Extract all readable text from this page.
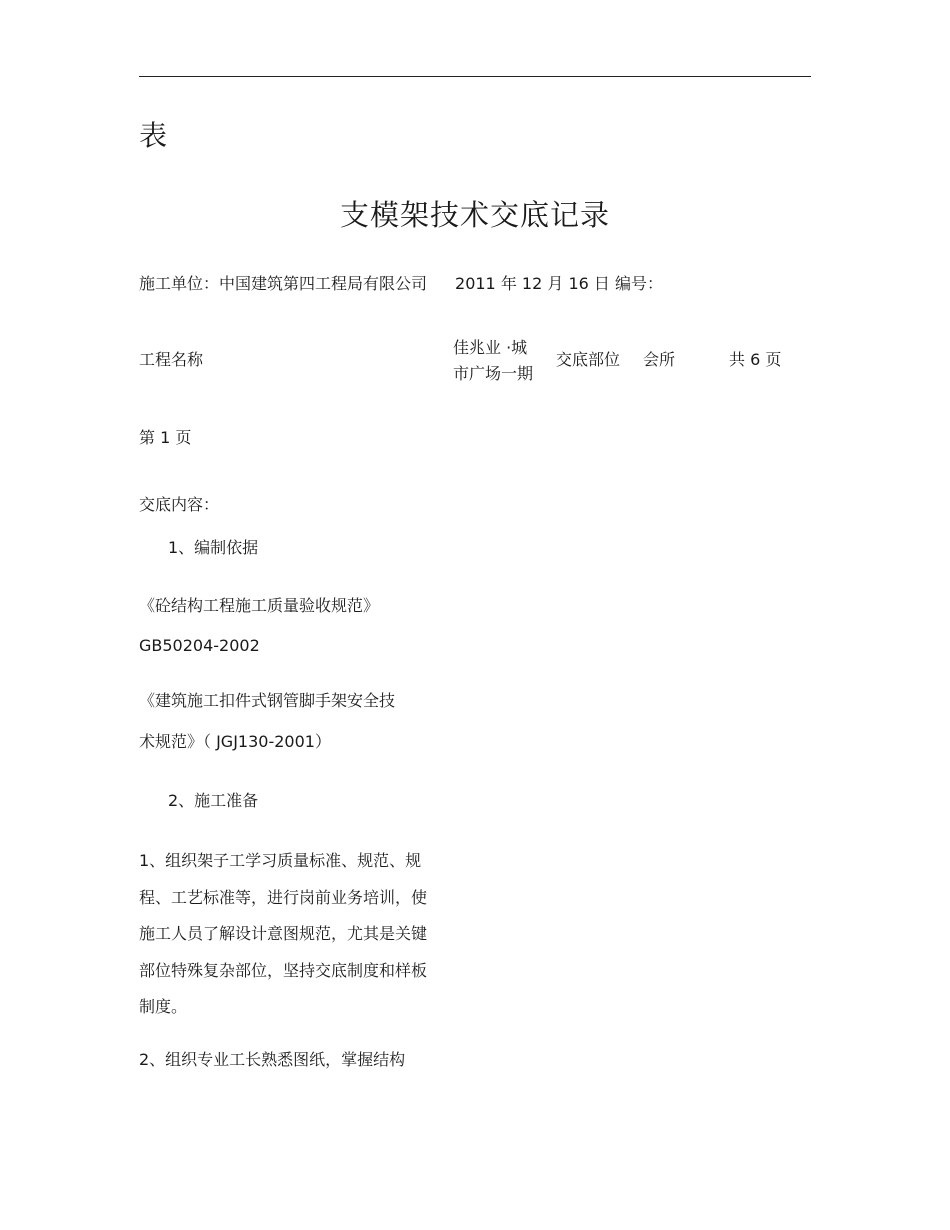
表
支模架技术交底记录
施工单位：中国建筑第四工程局有限公司 2011 年 12 月 16 日 编号：
工程名称
佳兆业 ·城
市广场一期
交底部位 会所	共 6 页
第 1 页
交底内容：
1、编制依据
《砼结构工程施工质量验收规范》
GB50204-2002
《建筑施工扣件式钢管脚手架安全技
术规范》（ JGJ130-2001）
2、施工准备
1、组织架子工学习质量标准、规范、规程、工艺标准等，进行岗前业务培训，使施工人员了解设计意图规范，尤其是关键部位特殊复杂部位，坚持交底制度和样板制度。
2、组织专业工长熟悉图纸，掌握结构
